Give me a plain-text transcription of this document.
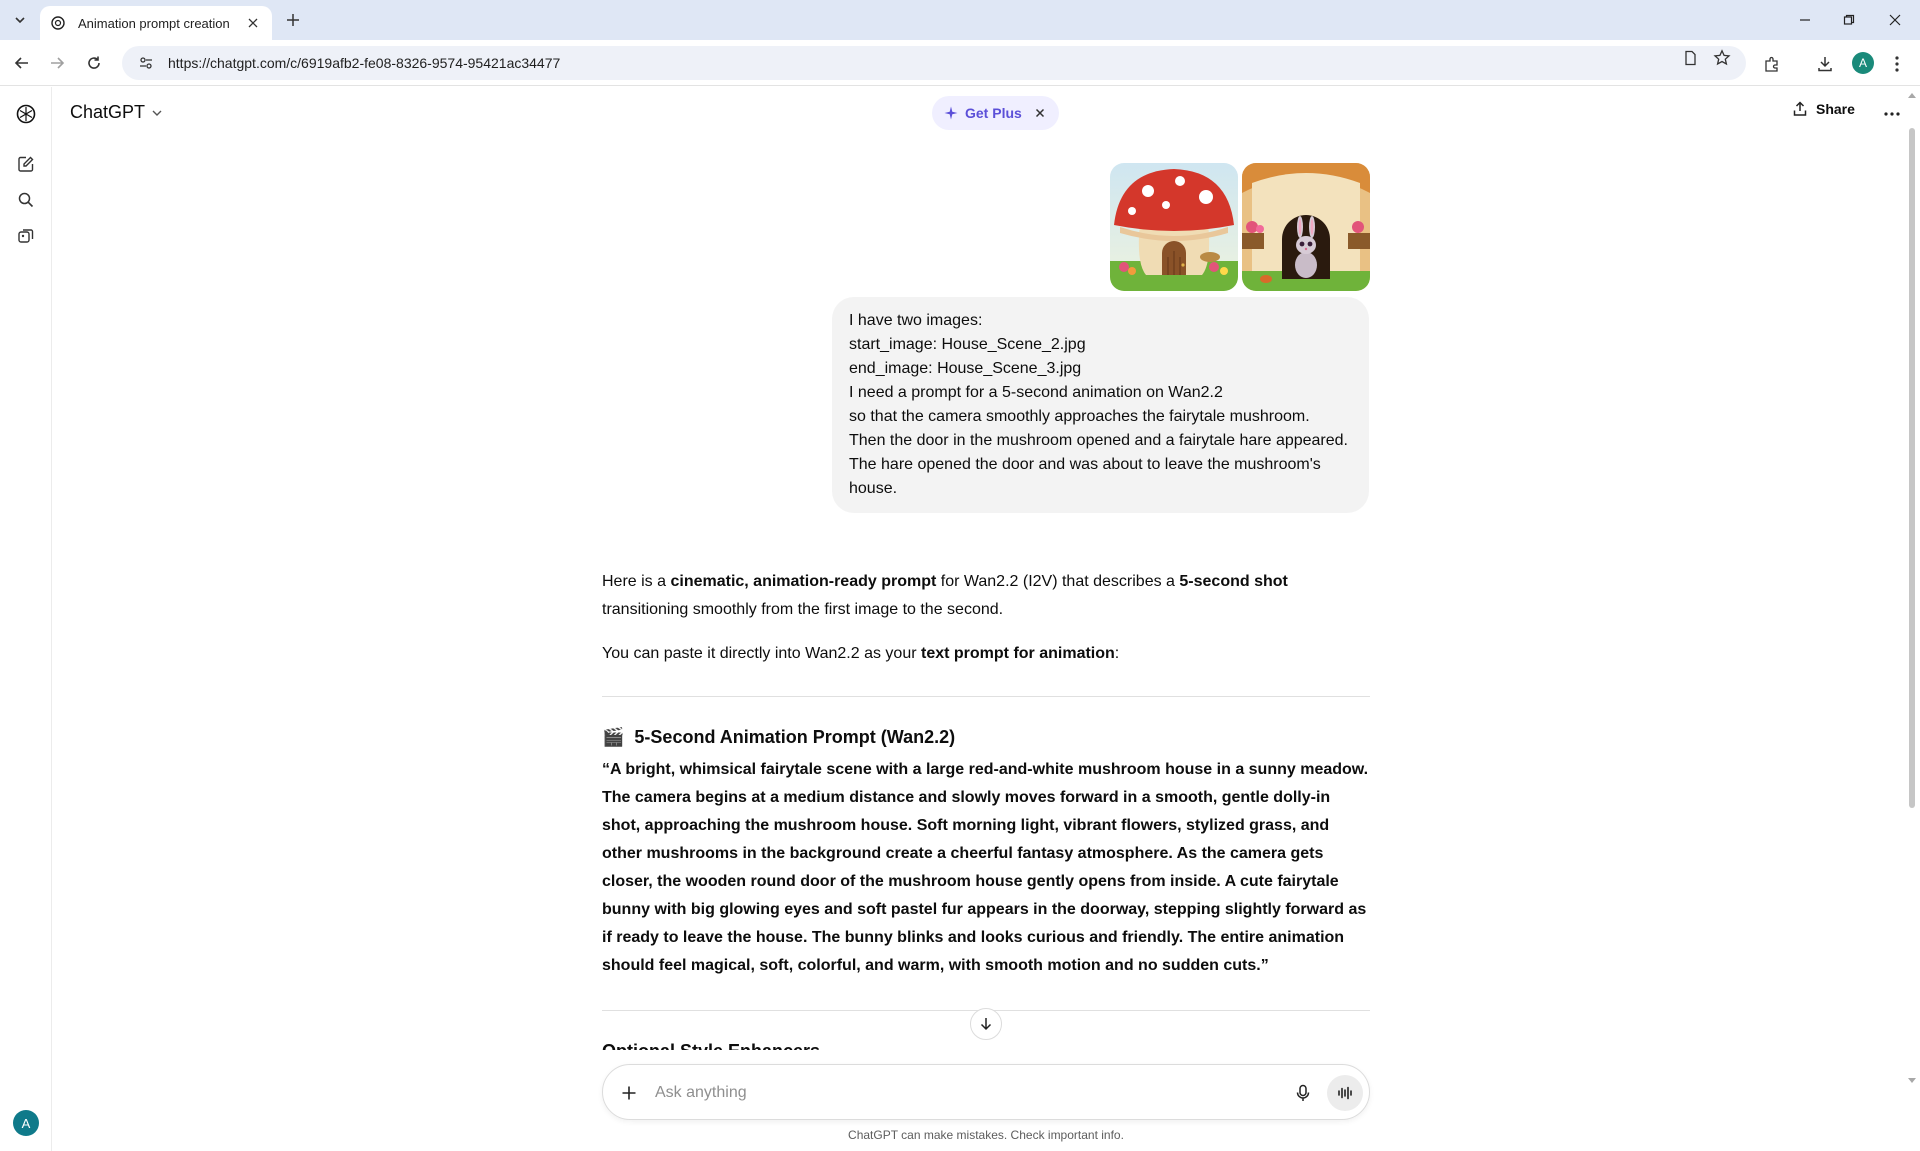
Animation prompt creation
https://chatgpt.com/c/6919afb2-fe08-8326-9574-95421ac34477	A
A
ChatGPT	Get Plus	Share
I have two images:
start_image: House_Scene_2.jpg
end_image: House_Scene_3.jpg
I need a prompt for a 5-second animation on Wan2.2
so that the camera smoothly approaches the fairytale mushroom.
Then the door in the mushroom opened and a fairytale hare appeared.
The hare opened the door and was about to leave the mushroom's
house.

Here is a cinematic, animation-ready prompt for Wan2.2 (I2V) that describes a 5-second shot transitioning smoothly from the first image to the second.

You can paste it directly into Wan2.2 as your text prompt for animation:

🎬 5-Second Animation Prompt (Wan2.2)

“A bright, whimsical fairytale scene with a large red-and-white mushroom house in a sunny meadow. The camera begins at a medium distance and slowly moves forward in a smooth, gentle dolly-in shot, approaching the mushroom house. Soft morning light, vibrant flowers, stylized grass, and other mushrooms in the background create a cheerful fantasy atmosphere. As the camera gets closer, the wooden round door of the mushroom house gently opens from inside. A cute fairytale bunny with big glowing eyes and soft pastel fur appears in the doorway, stepping slightly forward as if ready to leave the house. The bunny blinks and looks curious and friendly. The entire animation should feel magical, soft, colorful, and warm, with smooth motion and no sudden cuts.”

Ask anything
ChatGPT can make mistakes. Check important info.
